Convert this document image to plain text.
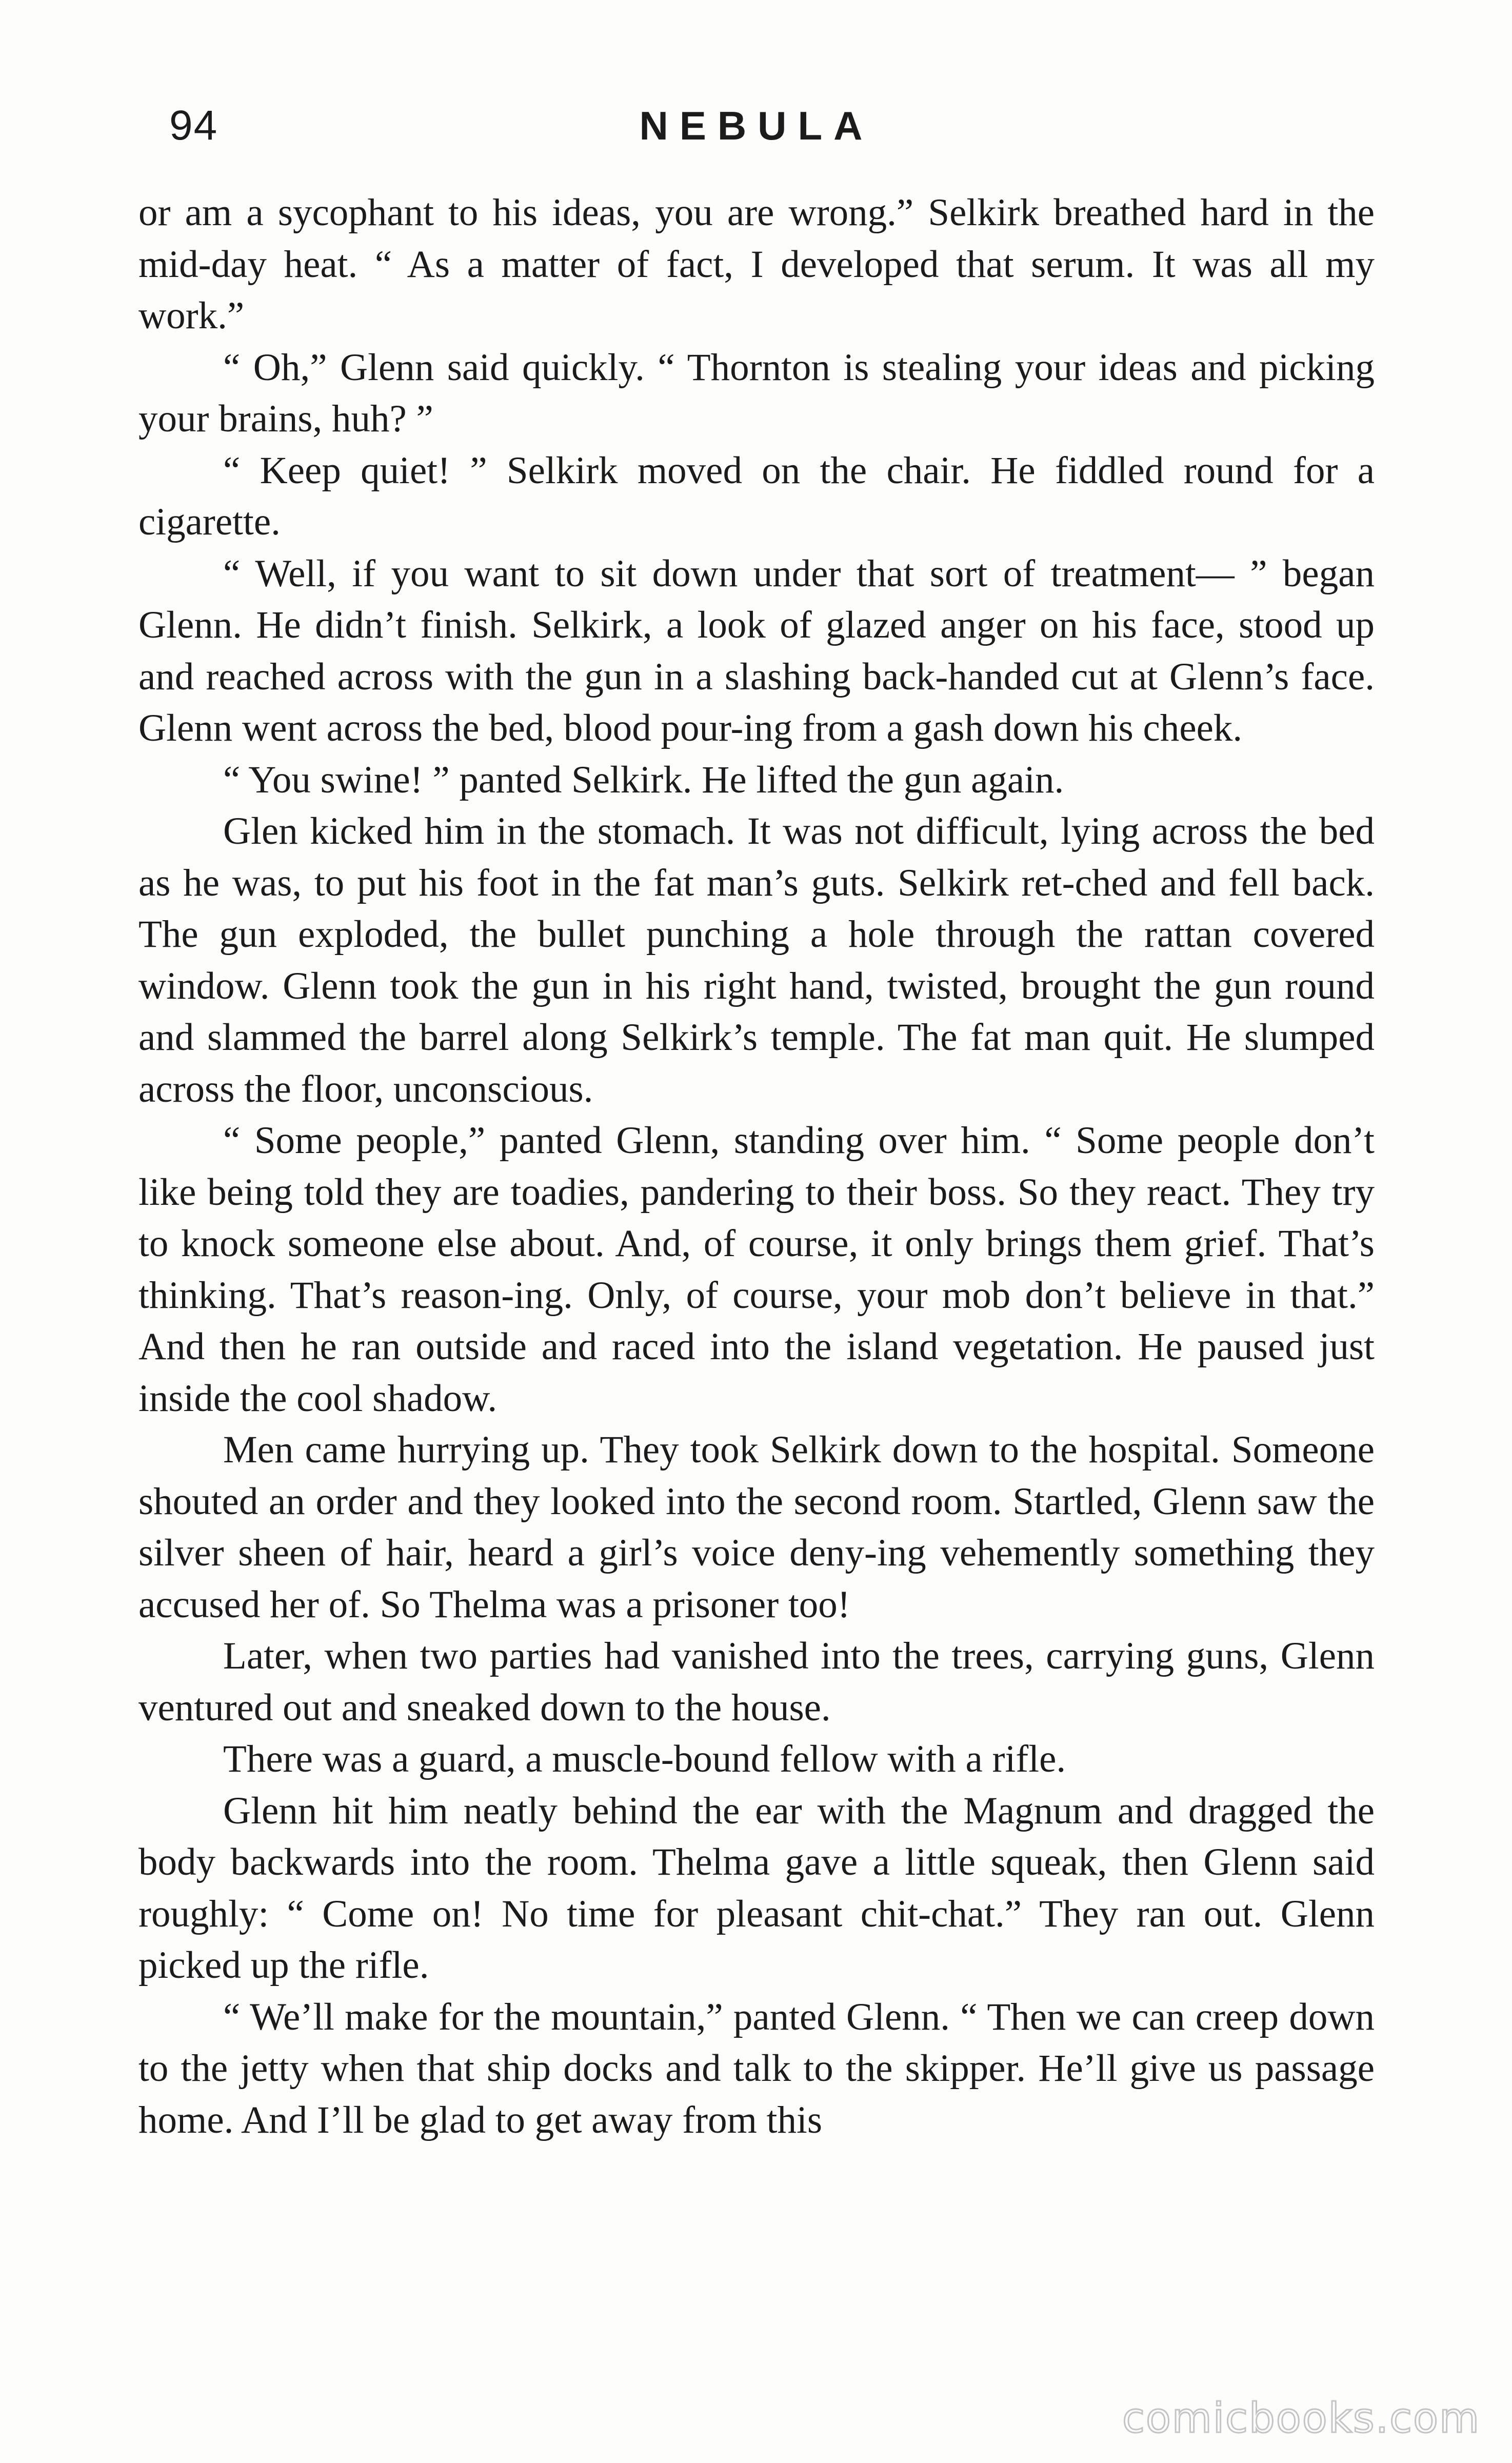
94	NEBULA

or am a sycophant to his ideas, you are wrong.” Selkirk breathed hard in the mid-day heat. “ As a matter of fact, I developed that serum. It was all my work.”

“ Oh,” Glenn said quickly. “ Thornton is stealing your ideas and picking your brains, huh? ”

“ Keep quiet! ” Selkirk moved on the chair. He fiddled round for a cigarette.

“ Well, if you want to sit down under that sort of treatment— ” began Glenn. He didn’t finish. Selkirk, a look of glazed anger on his face, stood up and reached across with the gun in a slashing back-handed cut at Glenn’s face. Glenn went across the bed, blood pour-ing from a gash down his cheek.

“ You swine! ” panted Selkirk. He lifted the gun again.

Glen kicked him in the stomach. It was not difficult, lying across the bed as he was, to put his foot in the fat man’s guts. Selkirk ret-ched and fell back. The gun exploded, the bullet punching a hole through the rattan covered window. Glenn took the gun in his right hand, twisted, brought the gun round and slammed the barrel along Selkirk’s temple. The fat man quit. He slumped across the floor, unconscious.

“ Some people,” panted Glenn, standing over him. “ Some people don’t like being told they are toadies, pandering to their boss. So they react. They try to knock someone else about. And, of course, it only brings them grief. That’s thinking. That’s reason-ing. Only, of course, your mob don’t believe in that.” And then he ran outside and raced into the island vegetation. He paused just inside the cool shadow.

Men came hurrying up. They took Selkirk down to the hospital. Someone shouted an order and they looked into the second room. Startled, Glenn saw the silver sheen of hair, heard a girl’s voice deny-ing vehemently something they accused her of. So Thelma was a prisoner too!

Later, when two parties had vanished into the trees, carrying guns, Glenn ventured out and sneaked down to the house.

There was a guard, a muscle-bound fellow with a rifle.

Glenn hit him neatly behind the ear with the Magnum and dragged the body backwards into the room. Thelma gave a little squeak, then Glenn said roughly: “ Come on! No time for pleasant chit-chat.” They ran out. Glenn picked up the rifle.

“ We’ll make for the mountain,” panted Glenn. “ Then we can creep down to the jetty when that ship docks and talk to the skipper. He’ll give us passage home. And I’ll be glad to get away from this

comicbooks.com
